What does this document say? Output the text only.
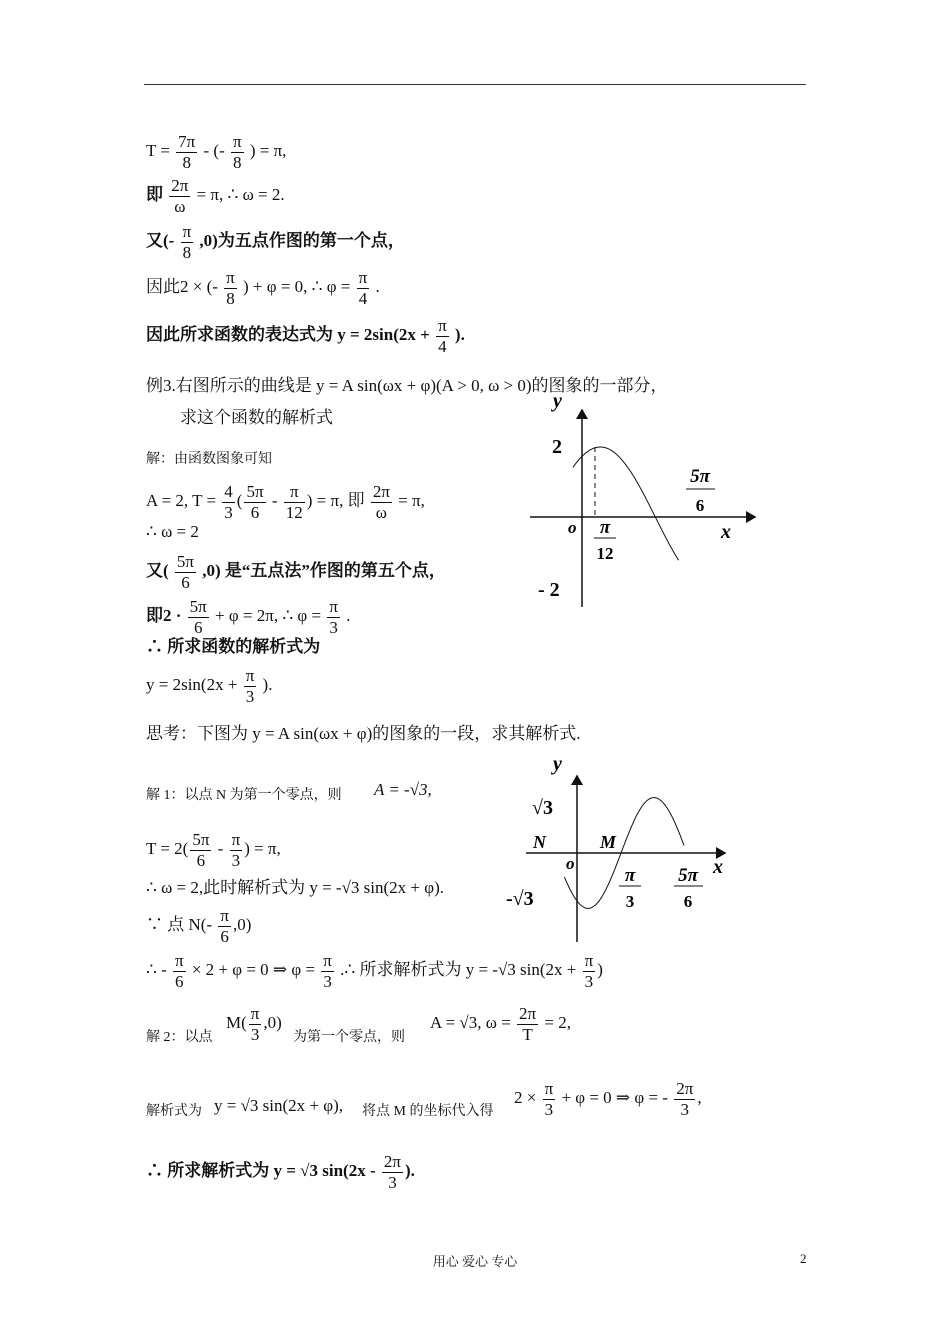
$T = \frac{7\pi}{8}$ - (- $\frac{\pi}{8}$ ) = π,
即 $\frac{2\pi}{\omega} = \pi$, ∴ ω = 2.
又(- $\frac{\pi}{8} ,0$)为五点作图的第一个点，
因此2 × (- $\frac{\pi}{8}$ ) + φ = 0, ∴ $\varphi = \frac{\pi}{4}$ .
因此所求函数的表达式为 $y = 2\sin(2x + \frac{\pi}{4}$ ).
例3.右图所示的曲线是 y = A sin(ωx + φ)(A > 0, ω > 0)的图象的一部分，
求这个函数的解析式
解：由函数图象可知
A = 2, $T = \frac{4}{3}$ ( $\frac{5\pi}{6} - \frac{\pi}{12}$ ) = π, 即 $\frac{2\pi}{\omega} = \pi$,
∴ ω = 2
又( $\frac{5\pi}{6} ,0$) 是“五点法”作图的第五个点，
即$2 \cdot \frac{5\pi}{6} + \varphi = 2\pi$, ∴ $\varphi = \frac{\pi}{3}$ .
∴ 所求函数的解析式为
$y = 2\sin(2x + \frac{\pi}{3}$ ).
y
x
o
2
- 2
π
12
5π
6
思考：下图为 y = A sin(ωx + φ)的图象的一段，求其解析式.
解 1：以点 N 为第一个零点，则 A = -√3,
$T = 2( \frac{5\pi}{6} - \frac{\pi}{3}$ ) = π,
∴ ω = 2,此时解析式为 y = -√3 sin(2x + φ).
∵ 点 $N(- \frac{\pi}{6} ,0)$
∴ - $\frac{\pi}{6} \times 2 + \varphi = 0$ ⇒ $\varphi = \frac{\pi}{3}$ .∴ 所求解析式为 y = -√3 $\sin(2x + \frac{\pi}{3}$ )
解 2：以点
$M( \frac{\pi}{3} ,0)$
为第一个零点，则
A = √3, $\omega = \frac{2\pi}{T} = 2$,
解析式为 y = √3 sin(2x + φ), 将点 M 的坐标代入得
$2 \times \frac{\pi}{3} + \varphi = 0$ ⇒ φ = - $\frac{2\pi}{3}$ ,
∴ 所求解析式为 y = √3 $\sin(2x - \frac{2\pi}{3}$ ).
y
x
o
√3
-√3
N	M
π
3
5π
6
用心 爱心 专心	2
